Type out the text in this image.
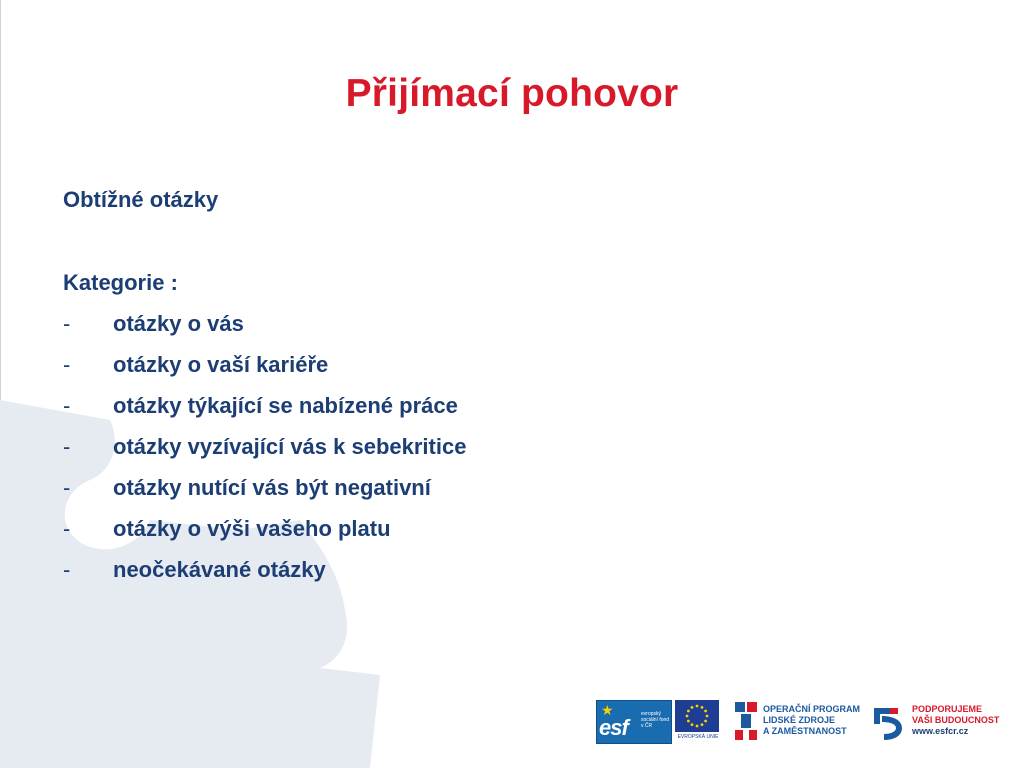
Přijímací pohovor
Obtížné otázky
Kategorie :
-	otázky o vás
-	otázky o vaší kariéře
-	otázky týkající se nabízené práce
-	otázky vyzívající vás k sebekritice
-	otázky nutící vás být negativní
-	otázky o výši vašeho platu
-	neočekávané otázky
★
esf
evropský sociální fond v ČR
EVROPSKÁ UNIE
OPERAČNÍ PROGRAM
LIDSKÉ ZDROJE
A ZAMĚSTNANOST
PODPORUJEME
VAŠI BUDOUCNOST
www.esfcr.cz
